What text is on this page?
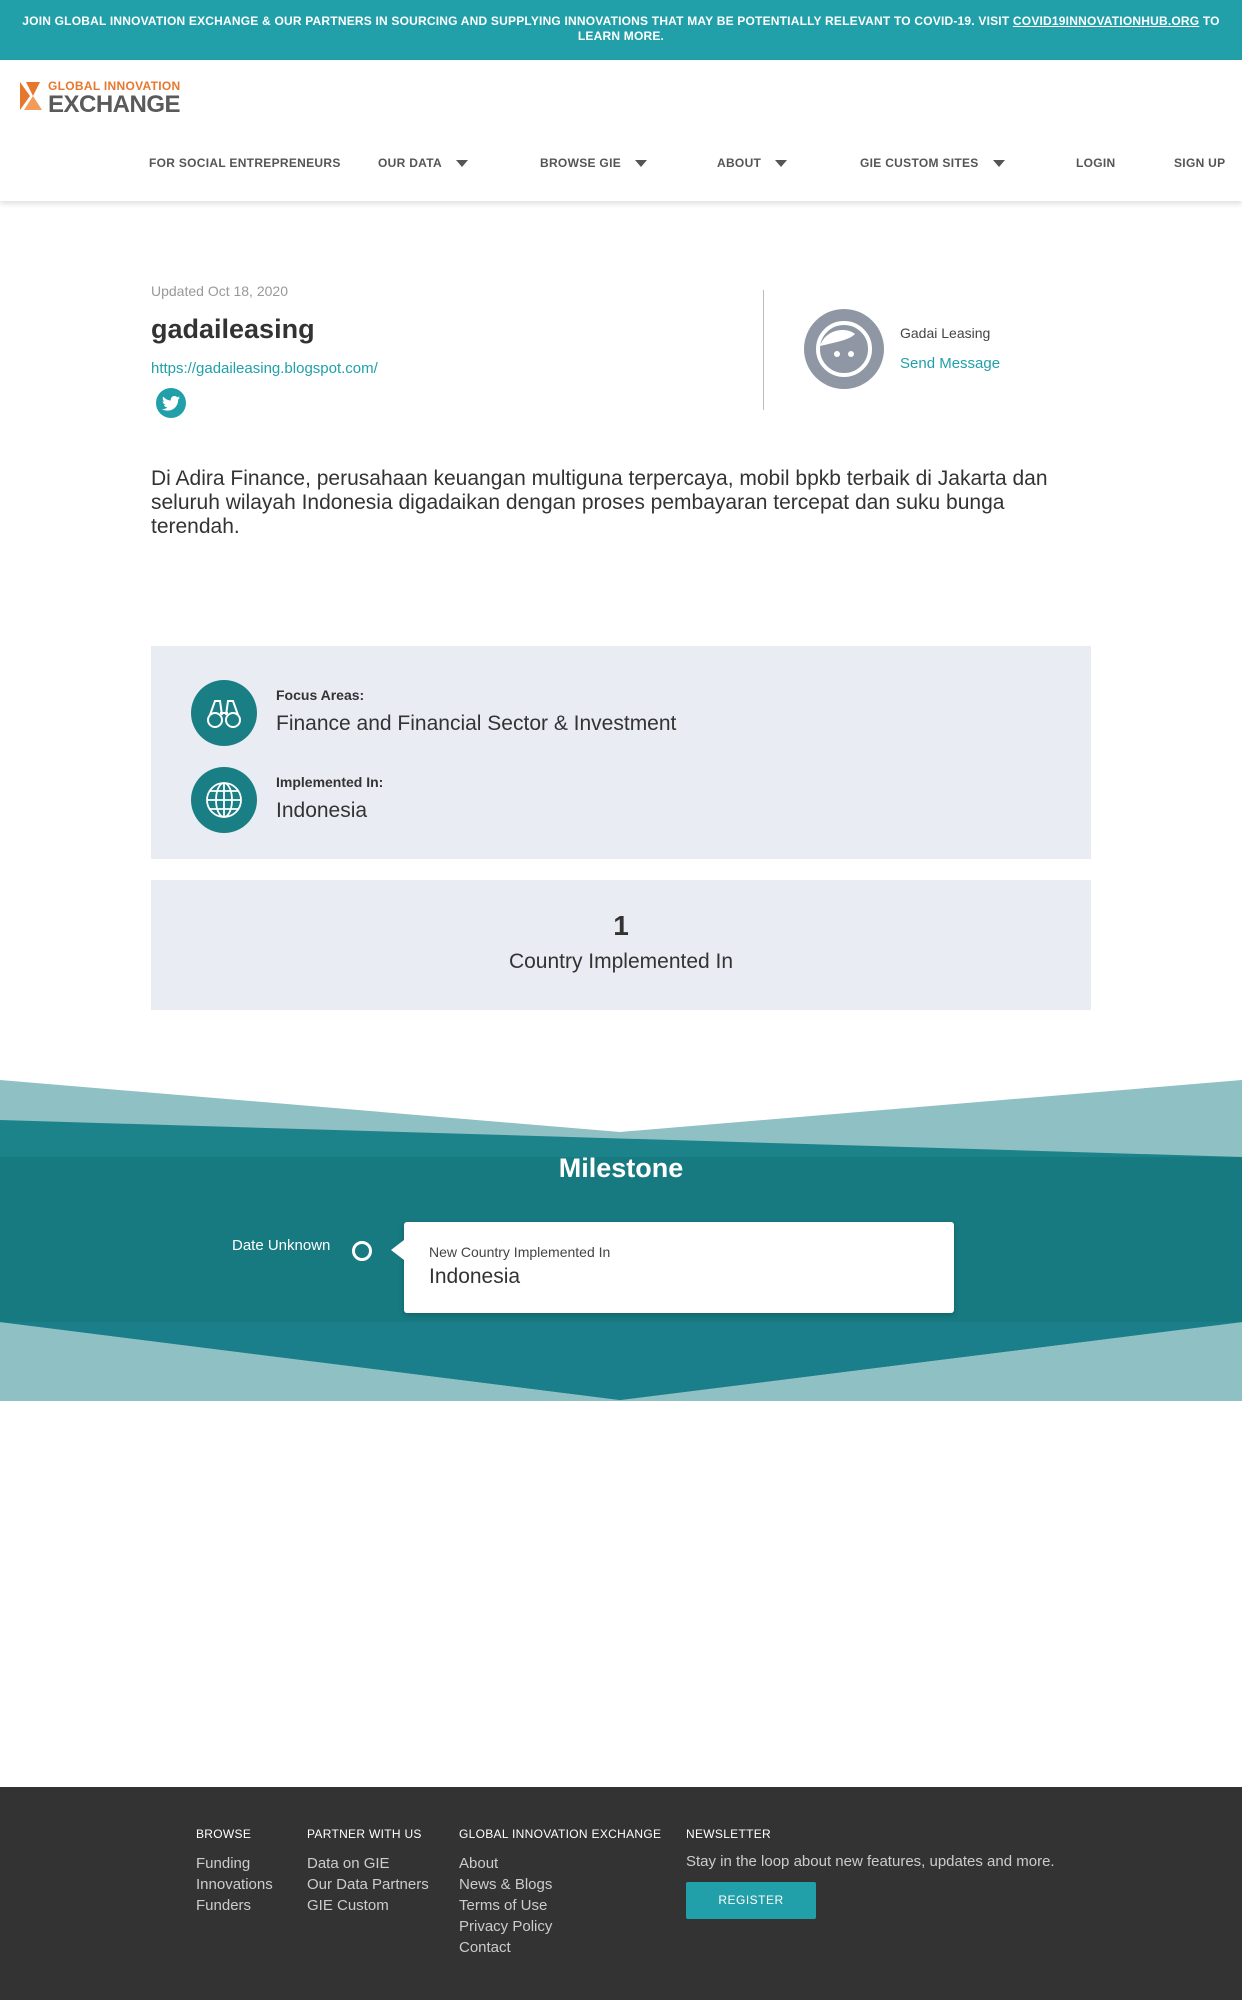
JOIN GLOBAL INNOVATION EXCHANGE & OUR PARTNERS IN SOURCING AND SUPPLYING INNOVATIONS THAT MAY BE POTENTIALLY RELEVANT TO COVID-19. VISIT COVID19INNOVATIONHUB.ORG TO LEARN MORE.
GLOBAL INNOVATION
EXCHANGE
FOR SOCIAL ENTREPRENEURS	OUR DATA	BROWSE GIE	ABOUT	GIE CUSTOM SITES	LOGIN	SIGN UP
Updated Oct 18, 2020
gadaileasing
https://gadaileasing.blogspot.com/
Gadai Leasing
Send Message

Di Adira Finance, perusahaan keuangan multiguna terpercaya, mobil bpkb terbaik di Jakarta dan seluruh wilayah Indonesia digadaikan dengan proses pembayaran tercepat dan suku bunga terendah.

Focus Areas:
Finance and Financial Sector & Investment
Implemented In:
Indonesia
1
Country Implemented In
Milestone
Date Unknown	New Country Implemented In
Indonesia
BROWSE
Funding
Innovations
Funders
PARTNER WITH US
Data on GIE
Our Data Partners
GIE Custom
GLOBAL INNOVATION EXCHANGE
About
News & Blogs
Terms of Use
Privacy Policy
Contact
NEWSLETTER
Stay in the loop about new features, updates and more.
REGISTER
